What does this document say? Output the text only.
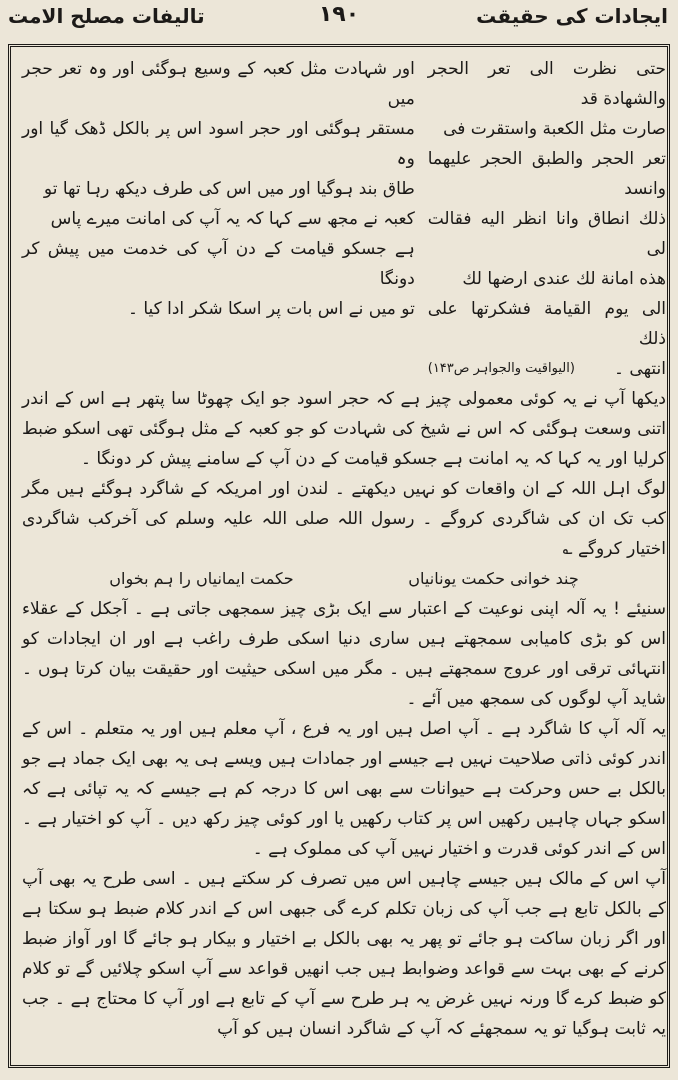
ایجادات کی حقیقت
۱۹۰
تالیفات مصلح الامت
حتی نظرت الی تعر الحجر والشهادة قد
صارت مثل الکعبة واستقرت فی
تعر الحجر والطبق الحجر علیهما وانسد
ذلك انطاق وانا انظر الیه فقالت لی
هذه امانة لك عندی ارضها لك
الی یوم القیامة فشکرتها علی ذلك
انتهی ۔
(الیواقیت والجواہر ص۱۴۳)
اور شہادت مثل کعبہ کے وسیع ہوگئی اور وہ تعر حجر میں
مستقر ہوگئی اور حجر اسود اس پر بالکل ڈھک گیا اور وہ
طاق بند ہوگیا اور میں اس کی طرف دیکھ رہا تھا تو
کعبہ نے مجھ سے کہا کہ یہ آپ کی امانت میرے پاس
ہے جسکو قیامت کے دن آپ کی خدمت میں پیش کر دونگا
تو میں نے اس بات پر اسکا شکر ادا کیا ۔

دیکھا آپ نے یہ کوئی معمولی چیز ہے کہ حجر اسود جو ایک چھوٹا سا پتھر ہے اس کے اندر اتنی وسعت ہوگئی کہ اس نے شیخ کی شہادت کو جو کعبہ کے مثل ہوگئی تھی اسکو ضبط کرلیا اور یہ کہا کہ یہ امانت ہے جسکو قیامت کے دن آپ کے سامنے پیش کر دونگا ۔

لوگ اہل اللہ کے ان واقعات کو نہیں دیکھتے ۔ لندن اور امریکہ کے شاگرد ہوگئے ہیں مگر کب تک ان کی شاگردی کروگے ۔ رسول اللہ صلی اللہ علیہ وسلم کی آخرکب شاگردی اختیار کروگے ؎

چند خوانی حکمت یونانیاں
حکمت ایمانیاں را ہم بخواں

سنیئے ! یہ آلہ اپنی نوعیت کے اعتبار سے ایک بڑی چیز سمجھی جاتی ہے ۔ آجکل کے عقلاء اس کو بڑی کامیابی سمجھتے ہیں ساری دنیا اسکی طرف راغب ہے اور ان ایجادات کو انتہائی ترقی اور عروج سمجھتے ہیں ۔ مگر میں اسکی حیثیت اور حقیقت بیان کرتا ہوں ۔ شاید آپ لوگوں کی سمجھ میں آئے ۔

یہ آلہ آپ کا شاگرد ہے ۔ آپ اصل ہیں اور یہ فرع ، آپ معلم ہیں اور یہ متعلم ۔ اس کے اندر کوئی ذاتی صلاحیت نہیں ہے جیسے اور جمادات ہیں ویسے ہی یہ بھی ایک جماد ہے جو بالکل بے حس وحرکت ہے حیوانات سے بھی اس کا درجہ کم ہے جیسے کہ یہ تپائی ہے کہ اسکو جہاں چاہیں رکھیں اس پر کتاب رکھیں یا اور کوئی چیز رکھ دیں ۔ آپ کو اختیار ہے ۔ اس کے اندر کوئی قدرت و اختیار نہیں آپ کی مملوک ہے ۔

آپ اس کے مالک ہیں جیسے چاہیں اس میں تصرف کر سکتے ہیں ۔ اسی طرح یہ بھی آپ کے بالکل تابع ہے جب آپ کی زبان تکلم کرے گی جبھی اس کے اندر کلام ضبط ہو سکتا ہے اور اگر زبان ساکت ہو جائے تو پھر یہ بھی بالکل بے اختیار و بیکار ہو جائے گا اور آواز ضبط کرنے کے بھی بہت سے قواعد وضوابط ہیں جب انھیں قواعد سے آپ اسکو چلائیں گے تو کلام کو ضبط کرے گا ورنہ نہیں غرض یہ ہر طرح سے آپ کے تابع ہے اور آپ کا محتاج ہے ۔ جب یہ ثابت ہوگیا تو یہ سمجھئے کہ آپ کے شاگرد انسان ہیں کو آپ
